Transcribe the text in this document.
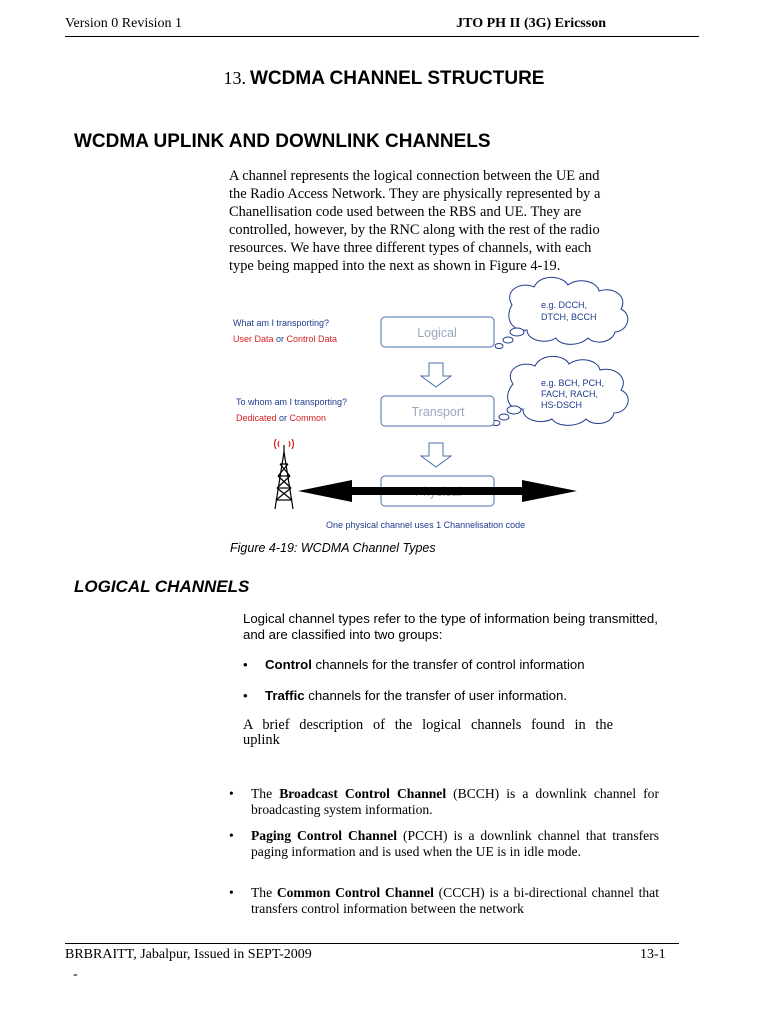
Version 0 Revision 1	JTO PH II (3G) Ericsson
13. WCDMA CHANNEL STRUCTURE
WCDMA UPLINK AND DOWNLINK CHANNELS
A channel represents the logical connection between the UE and
the Radio Access Network. They are physically represented by a
Chanellisation code used between the RBS and UE. They are
controlled, however, by the RNC along with the rest of the radio
resources. We have three different types of channels, with each
type being mapped into the next as shown in Figure 4-19.
e.g. DCCH,
DTCH, BCCH
e.g. BCH, PCH,
FACH, RACH,
HS-DSCH
What am I transporting?
User Data or Control Data
To whom am I transporting?
Dedicated or Common
Logical
Transport
One physical channel uses 1 Channelisation code
Figure 4-19: WCDMA Channel Types
LOGICAL CHANNELS
Logical channel types refer to the type of information being transmitted,
and are classified into two groups:
• Control channels for the transfer of control information
• Traffic channels for the transfer of user information.
A brief description of the logical channels found in the
uplink
• The Broadcast Control Channel (BCCH) is a downlink channel for broadcasting system information.
• Paging Control Channel (PCCH) is a downlink channel that transfers paging information and is used when the UE is in idle mode.
• The Common Control Channel (CCCH) is a bi-directional channel that transfers control information between the network
BRBRAITT, Jabalpur, Issued in SEPT-2009	13-1
-
